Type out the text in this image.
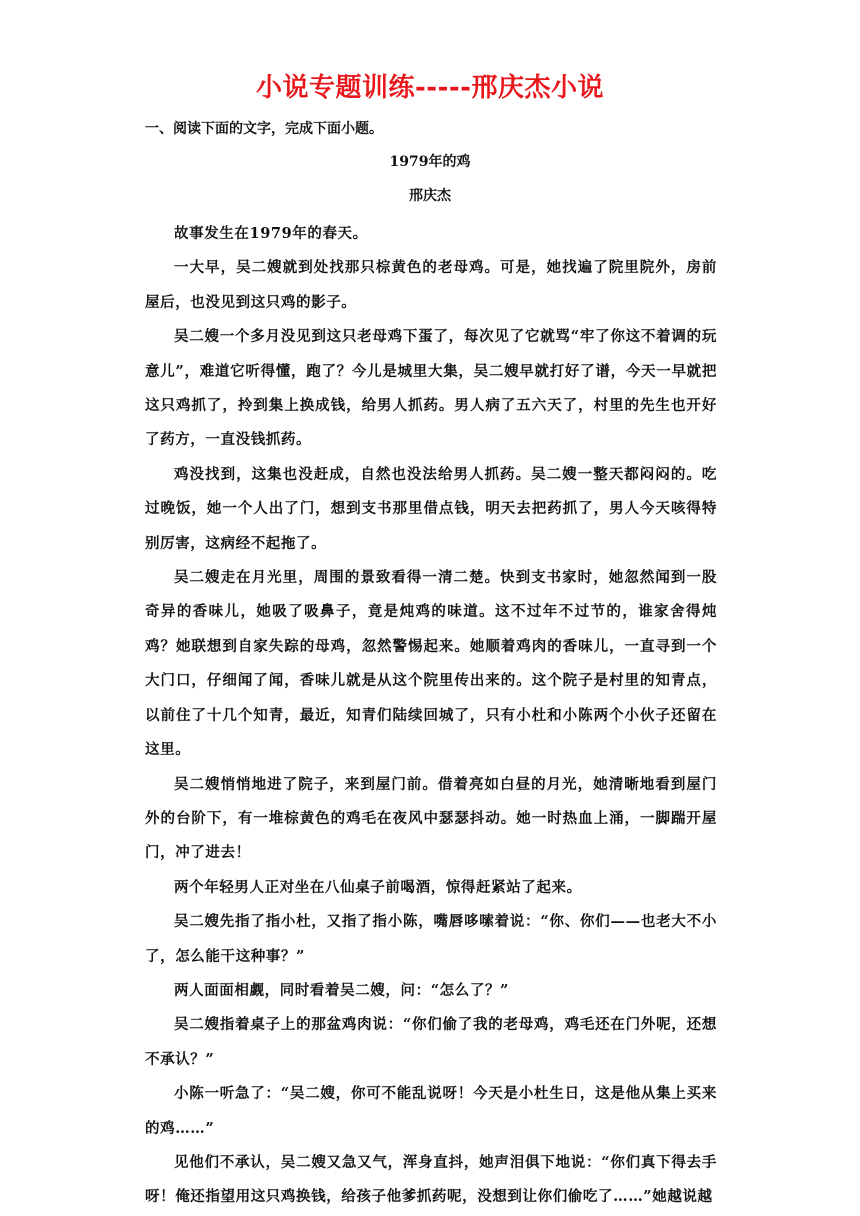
小说专题训练-----邢庆杰小说
一、阅读下面的文字，完成下面小题。
1979年的鸡
邢庆杰

故事发生在1979年的春天。

一大早，吴二嫂就到处找那只棕黄色的老母鸡。可是，她找遍了院里院外，房前屋后，也没见到这只鸡的影子。

吴二嫂一个多月没见到这只老母鸡下蛋了，每次见了它就骂“牢了你这不着调的玩意儿”，难道它听得懂，跑了？今儿是城里大集，吴二嫂早就打好了谱，今天一早就把这只鸡抓了，拎到集上换成钱，给男人抓药。男人病了五六天了，村里的先生也开好了药方，一直没钱抓药。

鸡没找到，这集也没赶成，自然也没法给男人抓药。吴二嫂一整天都闷闷的。吃过晚饭，她一个人出了门，想到支书那里借点钱，明天去把药抓了，男人今天咳得特别厉害，这病经不起拖了。

吴二嫂走在月光里，周围的景致看得一清二楚。快到支书家时，她忽然闻到一股奇异的香味儿，她吸了吸鼻子，竟是炖鸡的味道。这不过年不过节的，谁家舍得炖鸡？她联想到自家失踪的母鸡，忽然警惕起来。她顺着鸡肉的香味儿，一直寻到一个大门口，仔细闻了闻，香味儿就是从这个院里传出来的。这个院子是村里的知青点，以前住了十几个知青，最近，知青们陆续回城了，只有小杜和小陈两个小伙子还留在这里。

吴二嫂悄悄地进了院子，来到屋门前。借着亮如白昼的月光，她清晰地看到屋门外的台阶下，有一堆棕黄色的鸡毛在夜风中瑟瑟抖动。她一时热血上涌，一脚踹开屋门，冲了进去！

两个年轻男人正对坐在八仙桌子前喝酒，惊得赶紧站了起来。

吴二嫂先指了指小杜，又指了指小陈，嘴唇哆嗦着说：“你、你们——也老大不小了，怎么能干这种事？”

两人面面相觑，同时看着吴二嫂，问：“怎么了？”

吴二嫂指着桌子上的那盆鸡肉说：“你们偷了我的老母鸡，鸡毛还在门外呢，还想不承认？”

小陈一听急了：“吴二嫂，你可不能乱说呀！今天是小杜生日，这是他从集上买来的鸡……”

见他们不承认，吴二嫂又急又气，浑身直抖，她声泪俱下地说：“你们真下得去手呀！俺还指望用这只鸡换钱，给孩子他爹抓药呢，没想到让你们偷吃了……”她越说越
